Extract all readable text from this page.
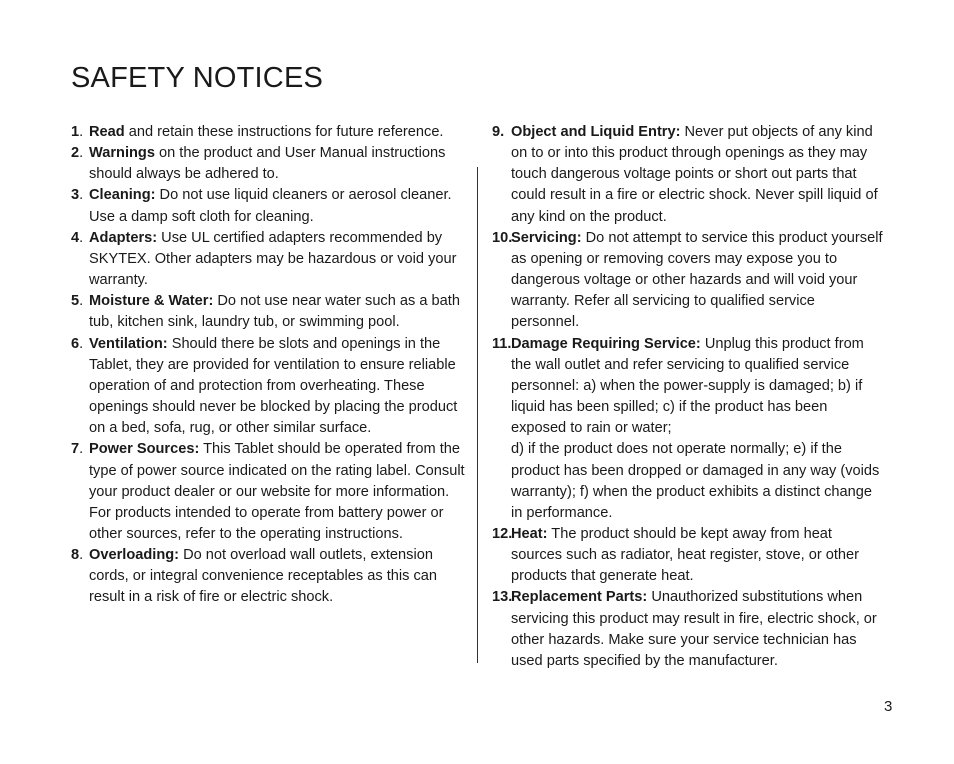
SAFETY NOTICES
1. Read and retain these instructions for future reference.
2. Warnings on the product and User Manual instructions should always be adhered to.
3. Cleaning: Do not use liquid cleaners or aerosol cleaner. Use a damp soft cloth for cleaning.
4. Adapters: Use UL certified adapters recommended by SKYTEX. Other adapters may be hazardous or void your warranty.
5. Moisture & Water: Do not use near water such as a bath tub, kitchen sink, laundry tub, or swimming pool.
6. Ventilation: Should there be slots and openings in the Tablet, they are provided for ventilation to ensure reliable operation of and protection from overheating. These openings should never be blocked by placing the product on a bed, sofa, rug, or other similar surface.
7. Power Sources: This Tablet should be operated from the type of power source indicated on the rating label. Consult your product dealer or our website for more information. For products intended to operate from battery power or other sources, refer to the operating instructions.
8. Overloading: Do not overload wall outlets, extension cords, or integral convenience receptables as this can result in a risk of fire or electric shock.
9. Object and Liquid Entry: Never put objects of any kind on to or into this product through openings as they may touch dangerous voltage points or short out parts that could result in a fire or electric shock. Never spill liquid of any kind on the product.
10.
Servicing: Do not attempt to service this product yourself as opening or removing covers may expose you to dangerous voltage or other hazards and will void your warranty. Refer all servicing to qualified service personnel.
11. Damage Requiring Service: Unplug this product from the wall outlet and refer servicing to qualified service personnel: a) when the power-supply is damaged; b) if liquid has been spilled; c) if the product has been exposed to rain or water;
d) if the product does not operate normally; e) if the product has been dropped or damaged in any way (voids warranty); f) when the product exhibits a distinct change in performance.
12.
Heat: The product should be kept away from heat sources such as radiator, heat register, stove, or other products that generate heat.
13.
Replacement Parts: Unauthorized substitutions when servicing this product may result in fire, electric shock, or other hazards. Make sure your service technician has used parts specified by the manufacturer.
3
